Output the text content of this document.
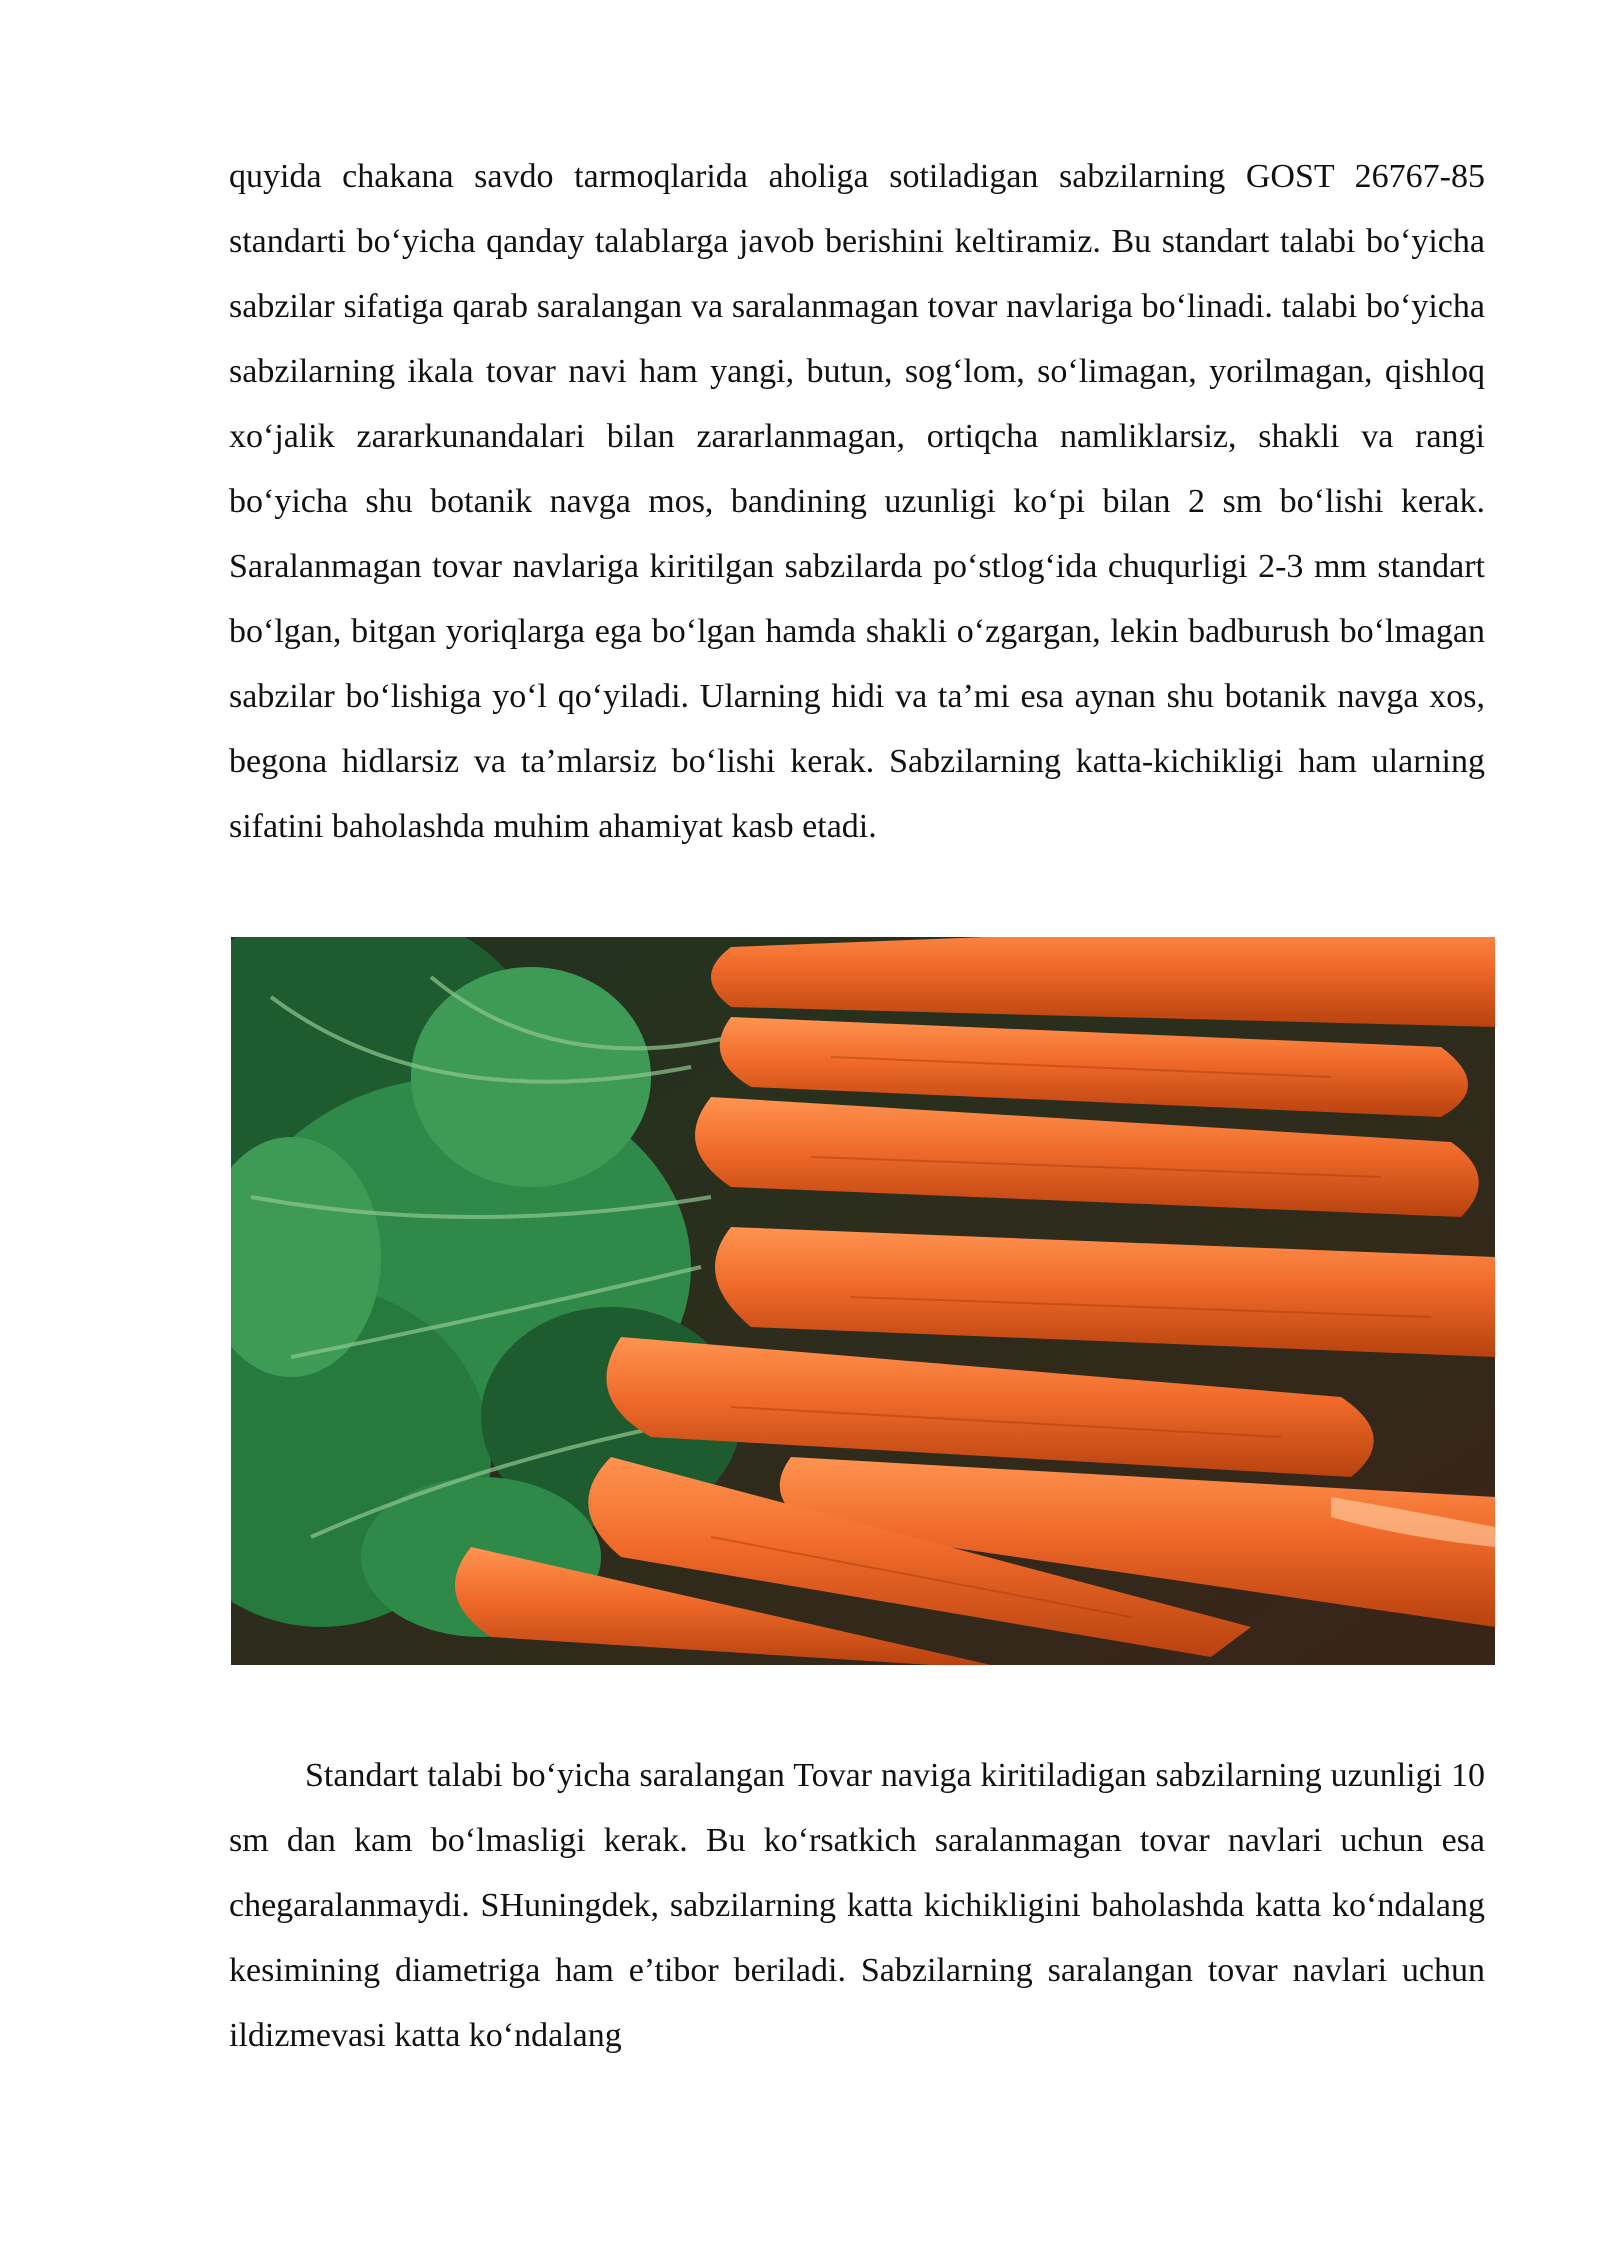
quyida chakana savdo tarmoqlarida aholiga sotiladigan sabzilarning GOST 26767-85 standarti bo‘yicha qanday talablarga javob berishini keltiramiz. Bu standart talabi bo‘yicha sabzilar sifatiga qarab saralangan va saralanmagan tovar navlariga bo‘linadi. talabi bo‘yicha sabzilarning ikala tovar navi ham yangi, butun, sog‘lom, so‘limagan, yorilmagan, qishloq xo‘jalik zararkunandalari bilan zararlanmagan, ortiqcha namliklarsiz, shakli va rangi bo‘yicha shu botanik navga mos, bandining uzunligi ko‘pi bilan 2 sm bo‘lishi kerak. Saralanmagan tovar navlariga kiritilgan sabzilarda po‘stlog‘ida chuqurligi 2-3 mm standart bo‘lgan, bitgan yoriqlarga ega bo‘lgan hamda shakli o‘zgargan, lekin badburush bo‘lmagan sabzilar bo‘lishiga yo‘l qo‘yiladi. Ularning hidi va ta’mi esa aynan shu botanik navga xos, begona hidlarsiz va ta’mlarsiz bo‘lishi kerak. Sabzilarning katta-kichikligi ham ularning sifatini baholashda muhim ahamiyat kasb etadi.

Standart talabi bo‘yicha saralangan Tovar naviga kiritiladigan sabzilarning uzunligi 10 sm dan kam bo‘lmasligi kerak. Bu ko‘rsatkich saralanmagan tovar navlari uchun esa chegaralanmaydi. SHuningdek, sabzilarning katta kichikligini baholashda katta ko‘ndalang kesimining diametriga ham e’tibor beriladi. Sabzilarning saralangan tovar navlari uchun ildizmevasi katta ko‘ndalang
